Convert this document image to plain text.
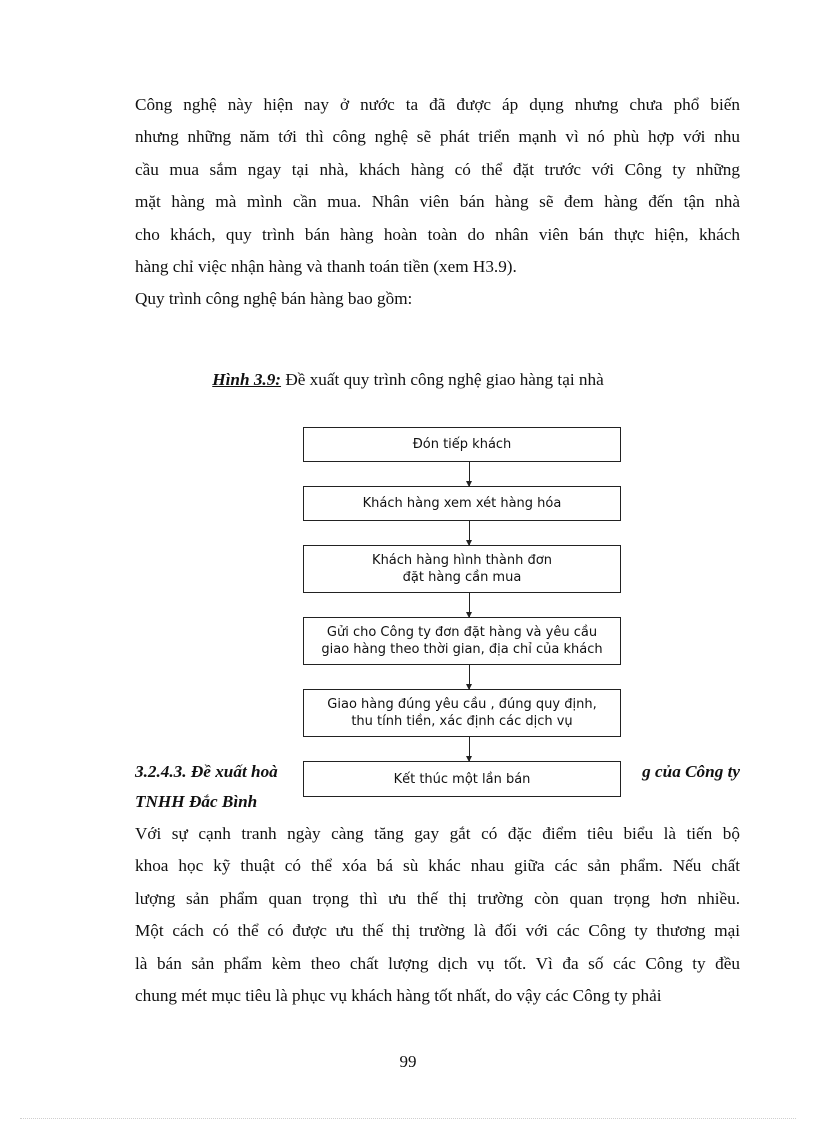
Công nghệ này hiện nay ở nước ta đã được áp dụng nhưng chưa phổ biến
nhưng những năm tới thì công nghệ sẽ phát triển mạnh vì nó phù hợp với nhu
cầu mua sắm ngay tại nhà, khách hàng có thể đặt trước với Công ty những
mặt hàng mà mình cần mua. Nhân viên bán hàng sẽ đem hàng đến tận nhà
cho khách, quy trình bán hàng hoàn toàn do nhân viên bán thực hiện, khách
hàng chỉ việc nhận hàng và thanh toán tiền (xem H3.9).
Quy trình công nghệ bán hàng bao gồm:
Hình 3.9: Đề xuất quy trình công nghệ giao hàng tại nhà
Đón tiếp khách
Khách hàng xem xét hàng hóa
Khách hàng hình thành đơn
đặt hàng cần mua
Gửi cho Công ty đơn đặt hàng và yêu cầu
giao hàng theo thời gian, địa chỉ của khách
Giao hàng đúng yêu cầu , đúng quy định,
thu tính tiền, xác định các dịch vụ
Kết thúc một lần bán
3.2.4.3. Đề xuất hoà	g của Công ty
TNHH Đắc Bình
Với sự cạnh tranh ngày càng tăng gay gắt có đặc điểm tiêu biểu là tiến bộ
khoa học kỹ thuật có thể xóa bá sù khác nhau giữa các sản phẩm. Nếu chất
lượng sản phẩm quan trọng thì ưu thế thị trường còn quan trọng hơn nhiều.
Một cách có thể có được ưu thế thị trường là đối với các Công ty thương mại
là bán sản phẩm kèm theo chất lượng dịch vụ tốt. Vì đa số các Công ty đều
chung mét mục tiêu là phục vụ khách hàng tốt nhất, do vậy các Công ty phải
99
